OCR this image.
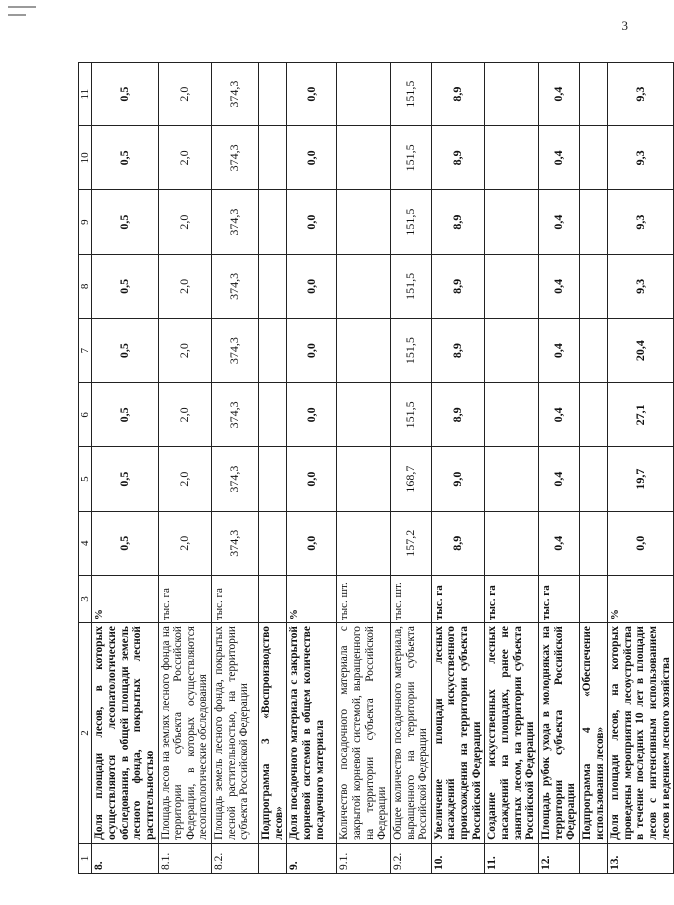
3
1	2	3	4	5	6	7	8	9	10	11
8.	Доля площади лесов, в которых осуществляются лесопатологические обследования, в общей площади земель лесного фонда, покрытых лесной растительностью	%	0,5	0,5	0,5	0,5	0,5	0,5	0,5	0,5
8.1.	Площадь лесов на землях лесного фонда на территории субъекта Российской Федерации, в которых осуществляются лесопатологические обследования	тыс. га	2,0	2,0	2,0	2,0	2,0	2,0	2,0	2,0
8.2.	Площадь земель лесного фонда, покрытых лесной растительностью, на территории субъекта Российской Федерации	тыс. га	374,3	374,3	374,3	374,3	374,3	374,3	374,3	374,3
	Подпрограмма 3 «Воспроизводство лесов»									
9.	Доля посадочного материала с закрытой корневой системой в общем количестве посадочного материала	%	0,0	0,0	0,0	0,0	0,0	0,0	0,0	0,0
9.1.	Количество посадочного материала с закрытой корневой системой, выращенного на территории субъекта Российской Федерации	тыс. шт.								
9.2.	Общее количество посадочного материала, выращенного на территории субъекта Российской Федерации	тыс. шт.	157,2	168,7	151,5	151,5	151,5	151,5	151,5	151,5
10.	Увеличение площади лесных насаждений искусственного происхождения на территории субъекта Российской Федерации	тыс. га	8,9	9,0	8,9	8,9	8,9	8,9	8,9	8,9
11.	Создание искусственных лесных насаждений на площадях, ранее не занятых лесом, на территории субъекта Российской Федерации	тыс. га								
12.	Площадь рубок ухода в молодняках на территории субъекта Российской Федерации	тыс. га	0,4	0,4	0,4	0,4	0,4	0,4	0,4	0,4
	Подпрограмма 4 «Обеспечение использования лесов»									
13.	Доля площади лесов, на которых проведены мероприятия лесоустройства в течение последних 10 лет в площади лесов с интенсивным использованием лесов и ведением лесного хозяйства	%	0,0	19,7	27,1	20,4	9,3	9,3	9,3	9,3
